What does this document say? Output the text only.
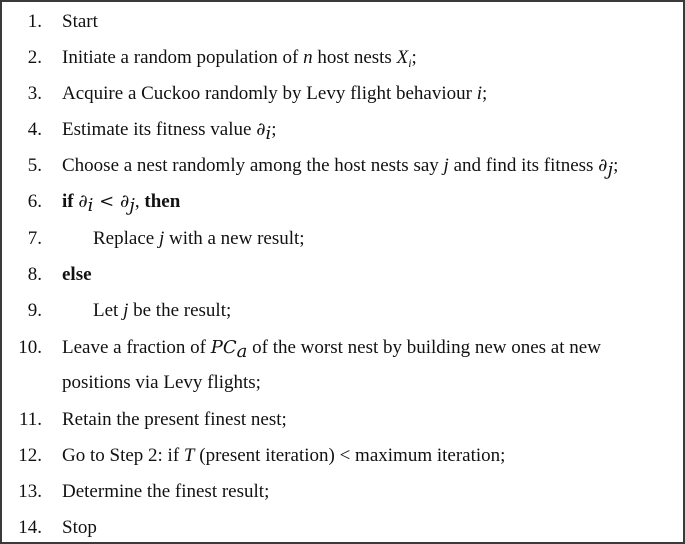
1. Start
2. Initiate a random population of n host nests $X_i$;
3. Acquire a Cuckoo randomly by Levy flight behaviour i;
4. Estimate its fitness value $\partial_i$;
5. Choose a nest randomly among the host nests say j and find its fitness $\partial_j$;
6. if $\partial_i < \partial_j$, then
7.	Replace j with a new result;
8. else
9.	Let j be the result;
10. Leave a fraction of $PC_a$ of the worst nest by building new ones at new
positions via Levy flights;
11. Retain the present finest nest;
12. Go to Step 2: if T (present iteration) < maximum iteration;
13. Determine the finest result;
14. Stop
